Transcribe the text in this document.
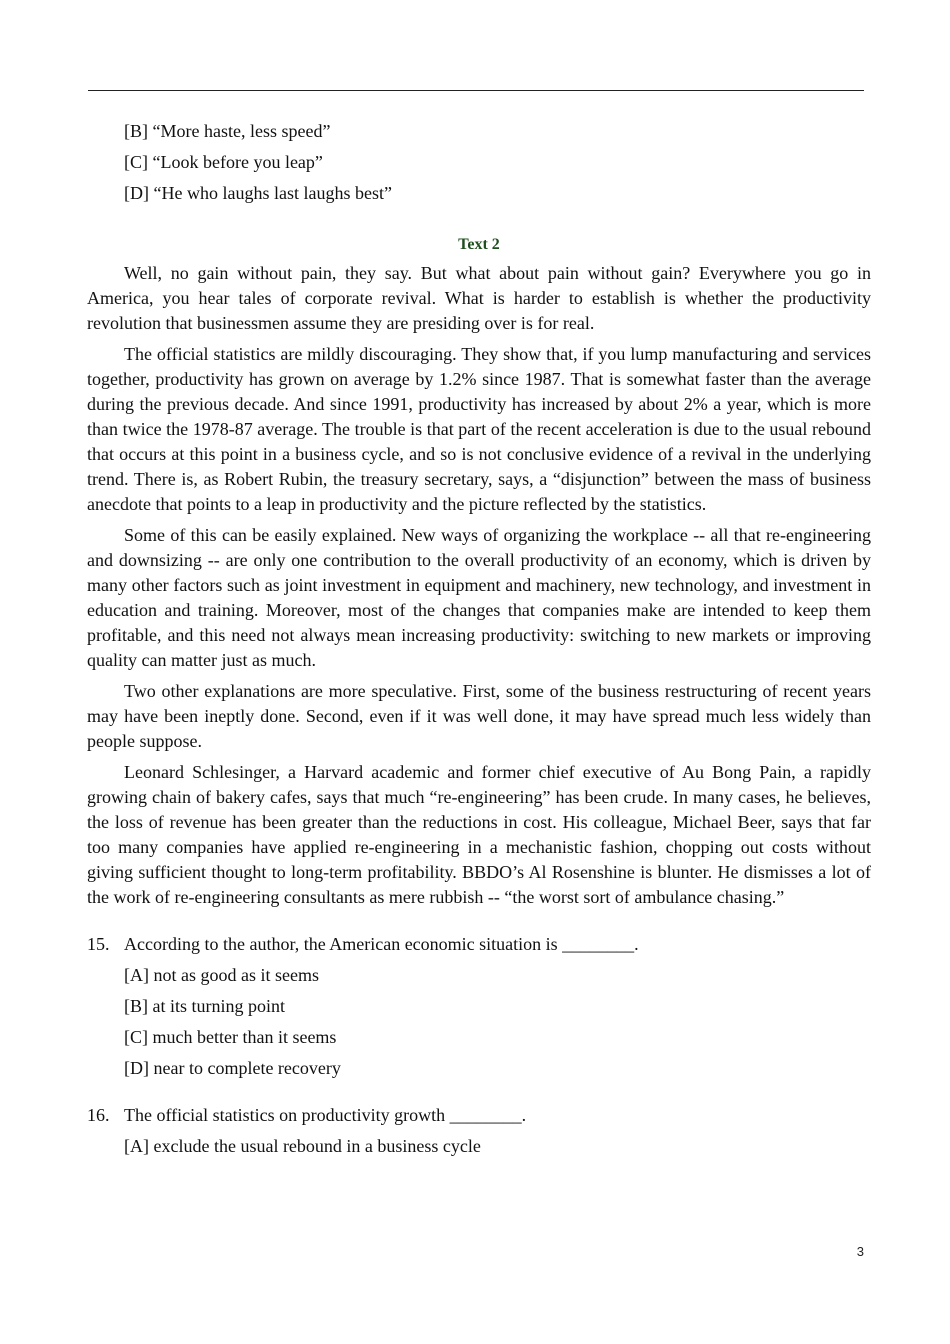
[B] “More haste, less speed”
[C] “Look before you leap”
[D] “He who laughs last laughs best”
Text 2

Well, no gain without pain, they say. But what about pain without gain? Everywhere you go in America, you hear tales of corporate revival. What is harder to establish is whether the productivity revolution that businessmen assume they are presiding over is for real.

The official statistics are mildly discouraging. They show that, if you lump manufacturing and services together, productivity has grown on average by 1.2% since 1987. That is somewhat faster than the average during the previous decade. And since 1991, productivity has increased by about 2% a year, which is more than twice the 1978-87 average. The trouble is that part of the recent acceleration is due to the usual rebound that occurs at this point in a business cycle, and so is not conclusive evidence of a revival in the underlying trend. There is, as Robert Rubin, the treasury secretary, says, a “disjunction” between the mass of business anecdote that points to a leap in productivity and the picture reflected by the statistics.

Some of this can be easily explained. New ways of organizing the workplace -- all that re-engineering and downsizing -- are only one contribution to the overall productivity of an economy, which is driven by many other factors such as joint investment in equipment and machinery, new technology, and investment in education and training. Moreover, most of the changes that companies make are intended to keep them profitable, and this need not always mean increasing productivity: switching to new markets or improving quality can matter just as much.

Two other explanations are more speculative. First, some of the business restructuring of recent years may have been ineptly done. Second, even if it was well done, it may have spread much less widely than people suppose.

Leonard Schlesinger, a Harvard academic and former chief executive of Au Bong Pain, a rapidly growing chain of bakery cafes, says that much “re-engineering” has been crude. In many cases, he believes, the loss of revenue has been greater than the reductions in cost. His colleague, Michael Beer, says that far too many companies have applied re-engineering in a mechanistic fashion, chopping out costs without giving sufficient thought to long-term profitability. BBDO’s Al Rosenshine is blunter. He dismisses a lot of the work of re-engineering consultants as mere rubbish -- “the worst sort of ambulance chasing.”

15. According to the author, the American economic situation is ________.
[A] not as good as it seems
[B] at its turning point
[C] much better than it seems
[D] near to complete recovery
16. The official statistics on productivity growth ________.
[A] exclude the usual rebound in a business cycle
3
